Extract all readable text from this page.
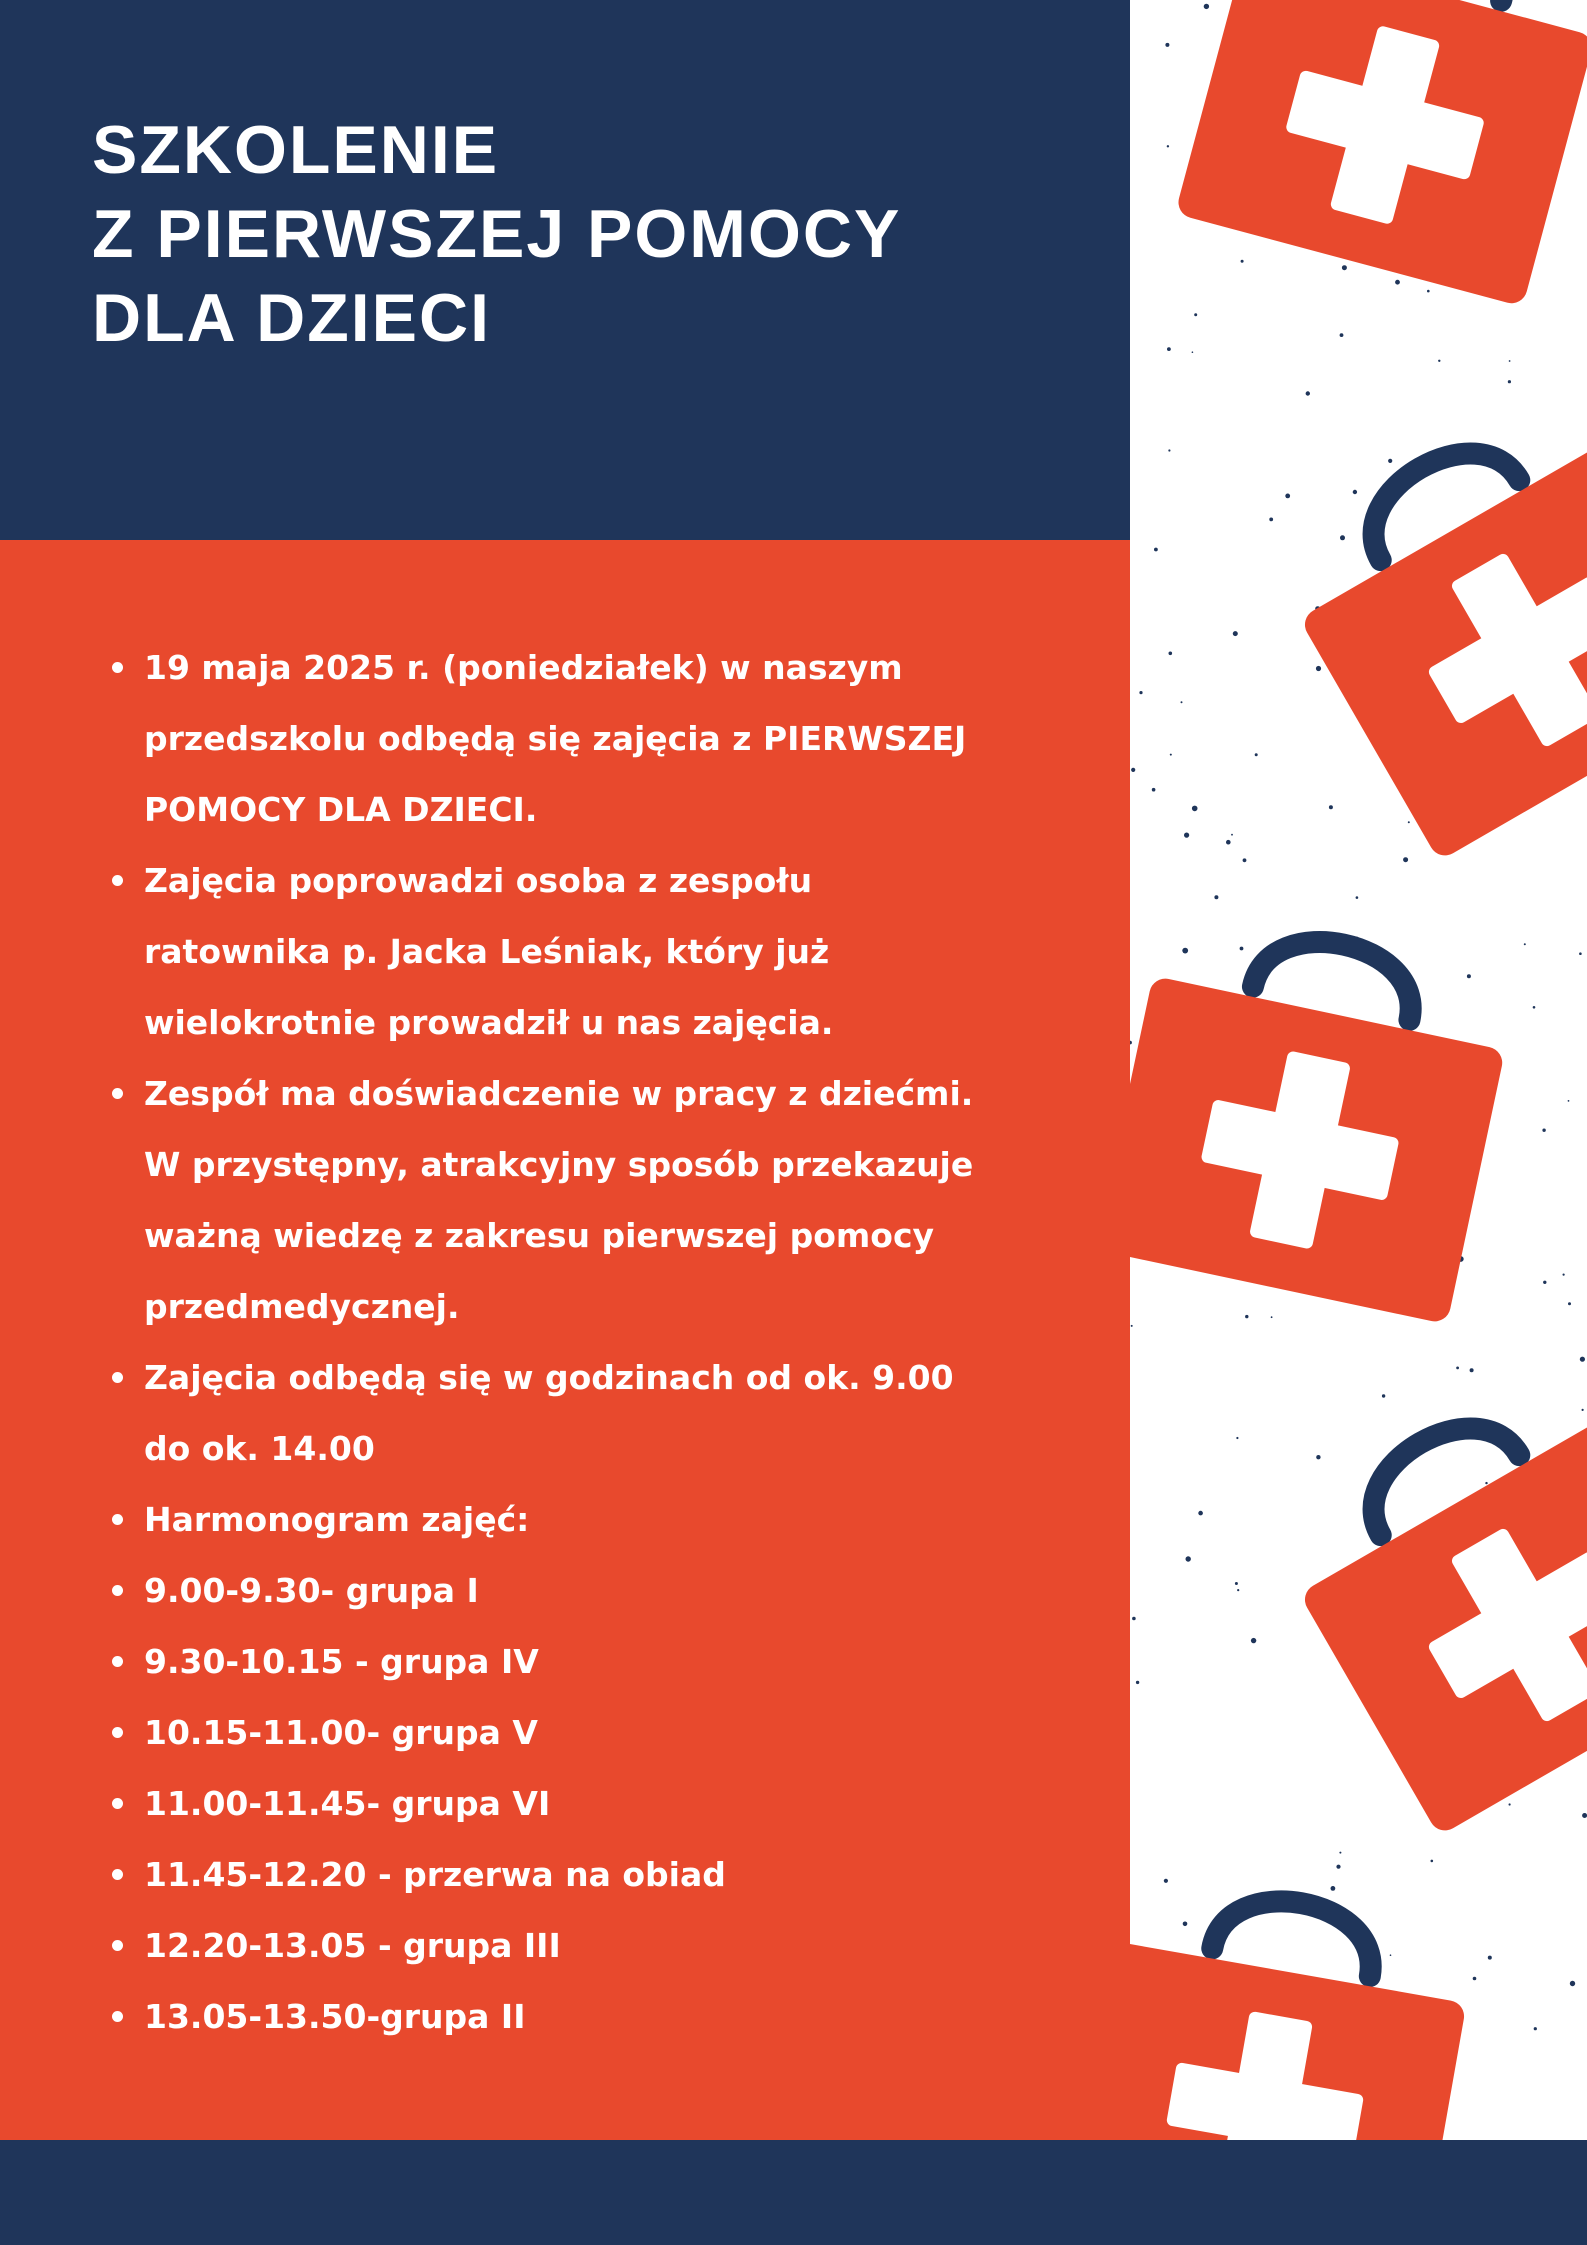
SZKOLENIE
Z PIERWSZEJ POMOCY
DLA DZIECI
19 maja 2025 r. (poniedziałek) w naszym
przedszkolu odbędą się zajęcia z PIERWSZEJ
POMOCY DLA DZIECI.
Zajęcia poprowadzi osoba z zespołu
ratownika p. Jacka Leśniak, który już
wielokrotnie prowadził u nas zajęcia.
Zespół ma doświadczenie w pracy z dziećmi.
W przystępny, atrakcyjny sposób przekazuje
ważną wiedzę z zakresu pierwszej pomocy
przedmedycznej.
Zajęcia odbędą się w godzinach od ok. 9.00
do ok. 14.00
Harmonogram zajęć:
9.00-9.30- grupa I
9.30-10.15 - grupa IV
10.15-11.00- grupa V
11.00-11.45- grupa VI
11.45-12.20 - przerwa na obiad
12.20-13.05 - grupa III
13.05-13.50-grupa II
